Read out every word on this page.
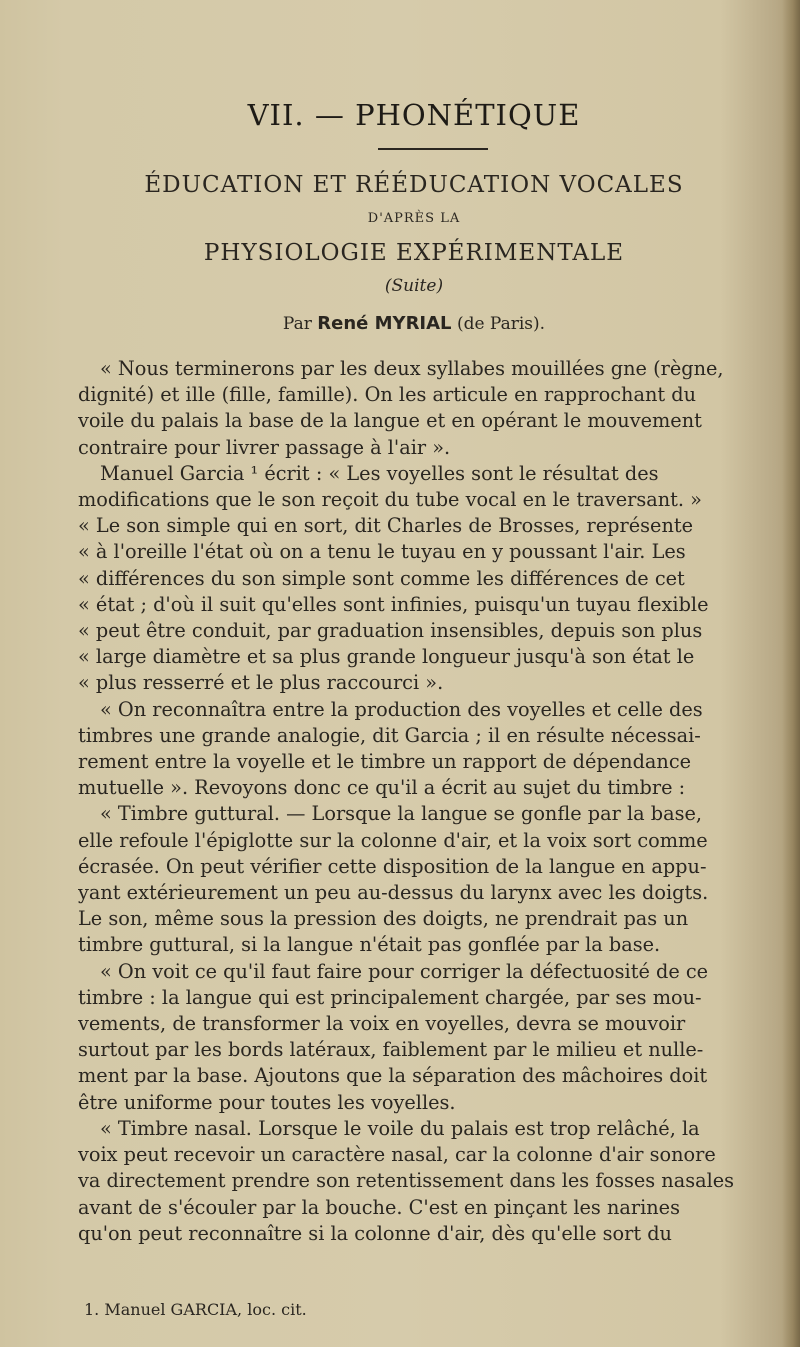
VII. — PHONÉTIQUE
ÉDUCATION ET RÉÉDUCATION VOCALES
D'APRÈS LA
PHYSIOLOGIE EXPÉRIMENTALE
(Suite)
Par René MYRIAL (de Paris).
« Nous terminerons par les deux syllabes mouillées gne (règne,
dignité) et ille (fille, famille). On les articule en rapprochant du
voile du palais la base de la langue et en opérant le mouvement
contraire pour livrer passage à l'air ».
Manuel Garcia ¹ écrit : « Les voyelles sont le résultat des
modifications que le son reçoit du tube vocal en le traversant. »
« Le son simple qui en sort, dit Charles de Brosses, représente
« à l'oreille l'état où on a tenu le tuyau en y poussant l'air. Les
« différences du son simple sont comme les différences de cet
« état ; d'où il suit qu'elles sont infinies, puisqu'un tuyau flexible
« peut être conduit, par graduation insensibles, depuis son plus
« large diamètre et sa plus grande longueur jusqu'à son état le
« plus resserré et le plus raccourci ».
« On reconnaîtra entre la production des voyelles et celle des
timbres une grande analogie, dit Garcia ; il en résulte nécessai-
rement entre la voyelle et le timbre un rapport de dépendance
mutuelle ». Revoyons donc ce qu'il a écrit au sujet du timbre :
« Timbre guttural. — Lorsque la langue se gonfle par la base,
elle refoule l'épiglotte sur la colonne d'air, et la voix sort comme
écrasée. On peut vérifier cette disposition de la langue en appu-
yant extérieurement un peu au-dessus du larynx avec les doigts.
Le son, même sous la pression des doigts, ne prendrait pas un
timbre guttural, si la langue n'était pas gonflée par la base.
« On voit ce qu'il faut faire pour corriger la défectuosité de ce
timbre : la langue qui est principalement chargée, par ses mou-
vements, de transformer la voix en voyelles, devra se mouvoir
surtout par les bords latéraux, faiblement par le milieu et nulle-
ment par la base. Ajoutons que la séparation des mâchoires doit
être uniforme pour toutes les voyelles.
« Timbre nasal. Lorsque le voile du palais est trop relâché, la
voix peut recevoir un caractère nasal, car la colonne d'air sonore
va directement prendre son retentissement dans les fosses nasales
avant de s'écouler par la bouche. C'est en pinçant les narines
qu'on peut reconnaître si la colonne d'air, dès qu'elle sort du
1. Manuel GARCIA, loc. cit.
